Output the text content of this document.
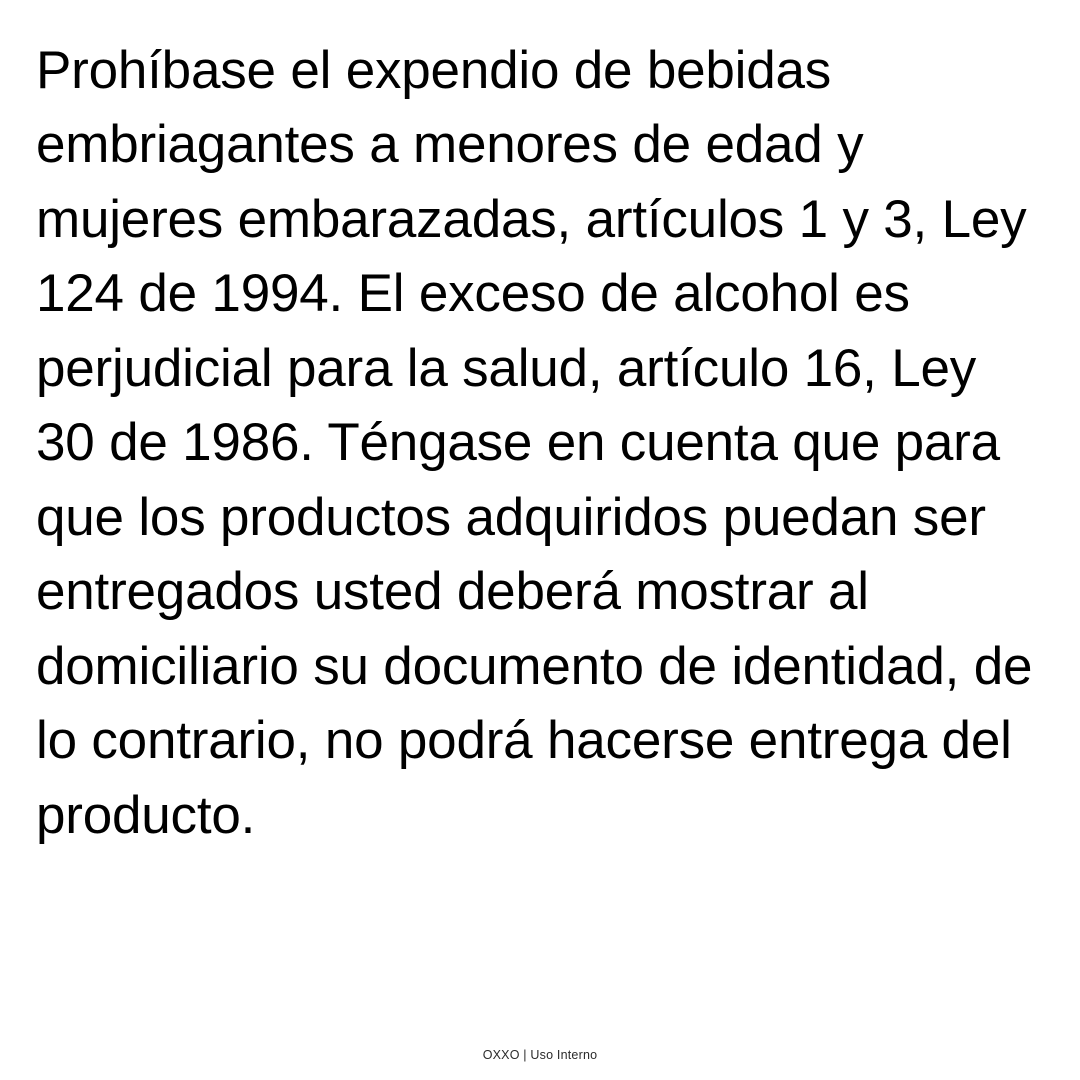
Prohíbase el expendio de bebidas embriagantes a menores de edad y mujeres embarazadas, artículos 1 y 3, Ley 124 de 1994. El exceso de alcohol es perjudicial para la salud, artículo 16, Ley 30 de 1986. Téngase en cuenta que para que los productos adquiridos puedan ser entregados usted deberá mostrar al domiciliario su documento de identidad, de lo contrario, no podrá hacerse entrega del producto.
OXXO | Uso Interno
